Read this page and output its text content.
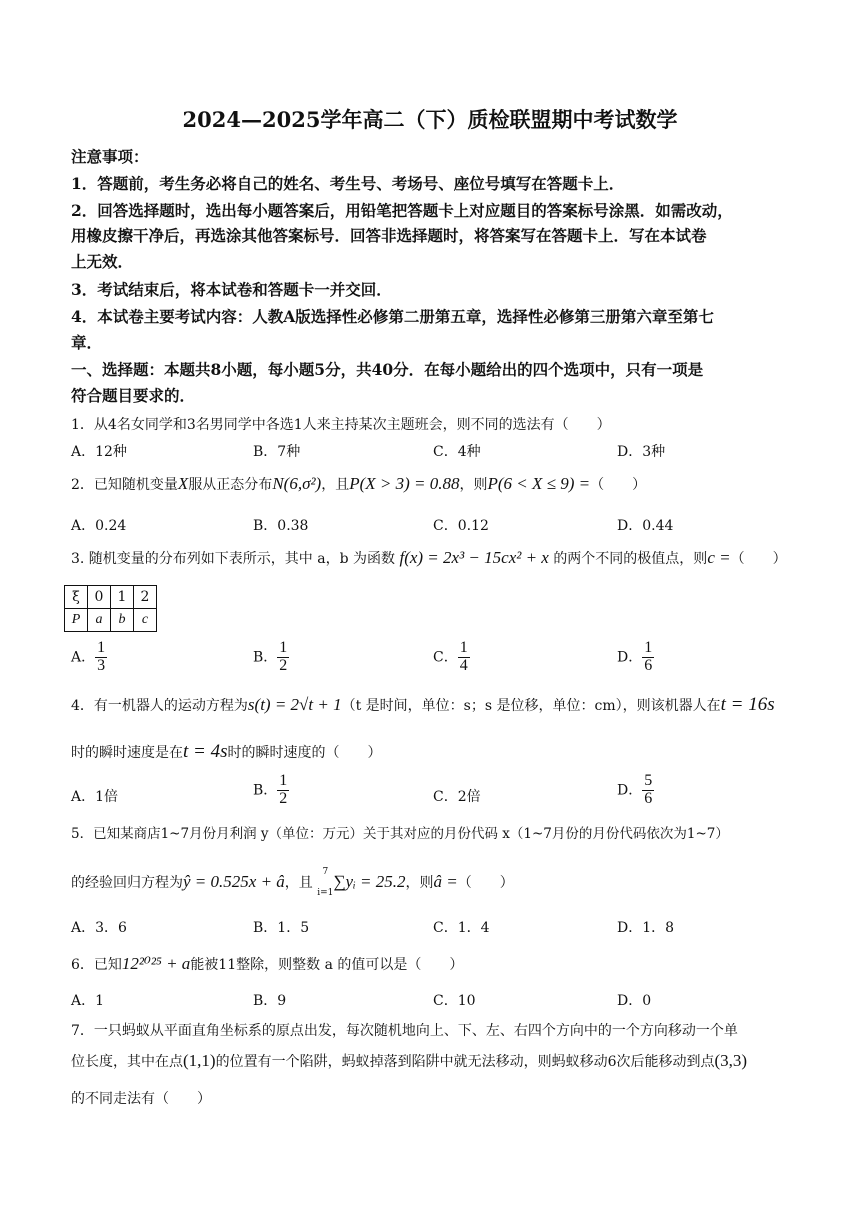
2024—2025学年高二（下）质检联盟期中考试数学
注意事项：
1．答题前，考生务必将自己的姓名、考生号、考场号、座位号填写在答题卡上．
2．回答选择题时，选出每小题答案后，用铅笔把答题卡上对应题目的答案标号涂黑．如需改动，
用橡皮擦干净后，再选涂其他答案标号．回答非选择题时，将答案写在答题卡上．写在本试卷
上无效．
3．考试结束后，将本试卷和答题卡一并交回．
4．本试卷主要考试内容：人教A版选择性必修第二册第五章，选择性必修第三册第六章至第七
章．
一、选择题：本题共8小题，每小题5分，共40分．在每小题给出的四个选项中，只有一项是
符合题目要求的．
1．从4名女同学和3名男同学中各选1人来主持某次主题班会，则不同的选法有（　　）
A．12种	B．7种	C．4种	D．3种
2．已知随机变量X服从正态分布N(6,σ²)，且P(X > 3) = 0.88，则P(6 < X ≤ 9) =（　　）
A．0.24	B．0.38	C．0.12	D．0.44
3. 随机变量的分布列如下表所示，其中 a，b 为函数 f(x) = 2x³ − 15cx² + x 的两个不同的极值点，则c =（　　）
ξ	0	1	2
P	a	b	c
A． $\frac{1}{3}$	B． $\frac{1}{2}$	C． $\frac{1}{4}$	D． $\frac{1}{6}$
4．有一机器人的运动方程为s(t) = 2√t + 1（t 是时间，单位：s；s 是位移，单位：cm），则该机器人在t = 16s
时的瞬时速度是在t = 4s时的瞬时速度的（　　）
A．1倍	B． $\frac{1}{2}$	C．2倍	D． $\frac{5}{6}$
5．已知某商店1~7月份月利润 y（单位：万元）关于其对应的月份代码 x（1~7月份的月份代码依次为1~7）
的经验回归方程为ŷ = 0.525x + â，且
7
i=1
∑yᵢ = 25.2，则â =（　　）
A．3．6	B．1．5	C．1．4	D．1．8
6．已知12²⁰²⁵ + a能被11整除，则整数 a 的值可以是（　　）
A．1	B．9	C．10	D．0
7．一只蚂蚁从平面直角坐标系的原点出发，每次随机地向上、下、左、右四个方向中的一个方向移动一个单
位长度，其中在点(1,1)的位置有一个陷阱，蚂蚁掉落到陷阱中就无法移动，则蚂蚁移动6次后能移动到点(3,3)
的不同走法有（　　）
